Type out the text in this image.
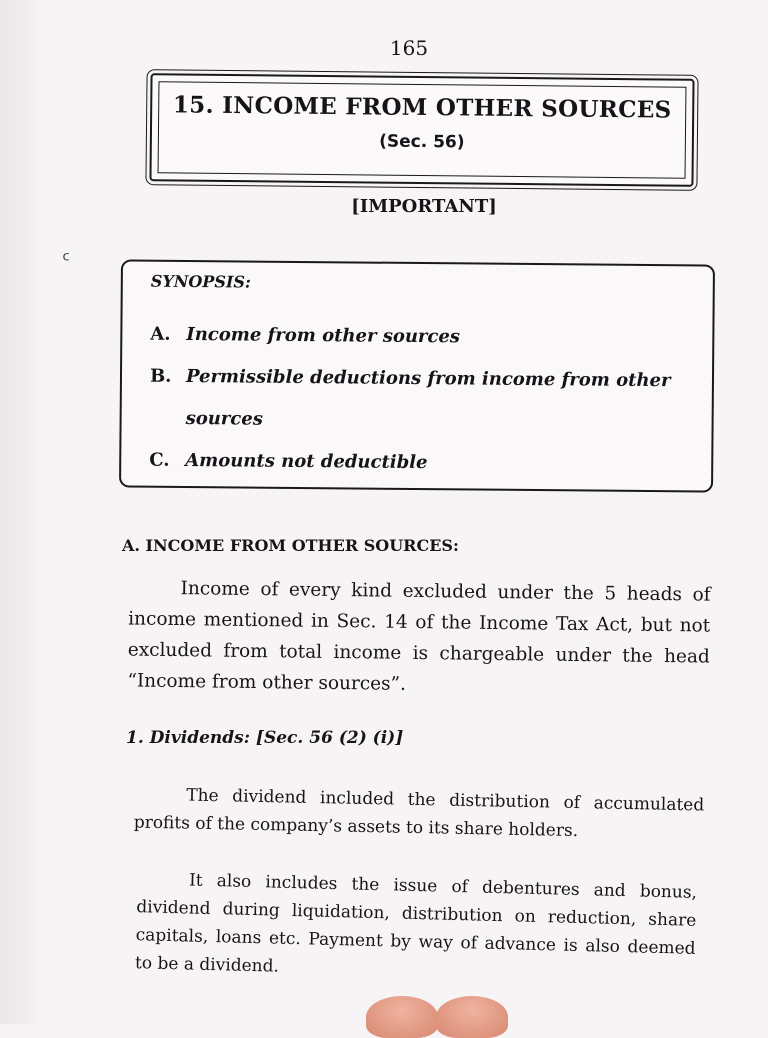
165
15. INCOME FROM OTHER SOURCES
(Sec. 56)
[IMPORTANT]
ᑦ
SYNOPSIS:
A. Income from other sources
B. Permissible deductions from income from other sources
C. Amounts not deductible
A. INCOME FROM OTHER SOURCES:

Income of every kind excluded under the 5 heads of income mentioned in Sec. 14 of the Income Tax Act, but not excluded from total income is chargeable under the head “Income from other sources”.

1. Dividends: [Sec. 56 (2) (i)]

The dividend included the distribution of accumulated profits of the company’s assets to its share holders.

It also includes the issue of debentures and bonus, dividend during liquidation, distribution on reduction, share capitals, loans etc. Payment by way of advance is also deemed to be a dividend.
